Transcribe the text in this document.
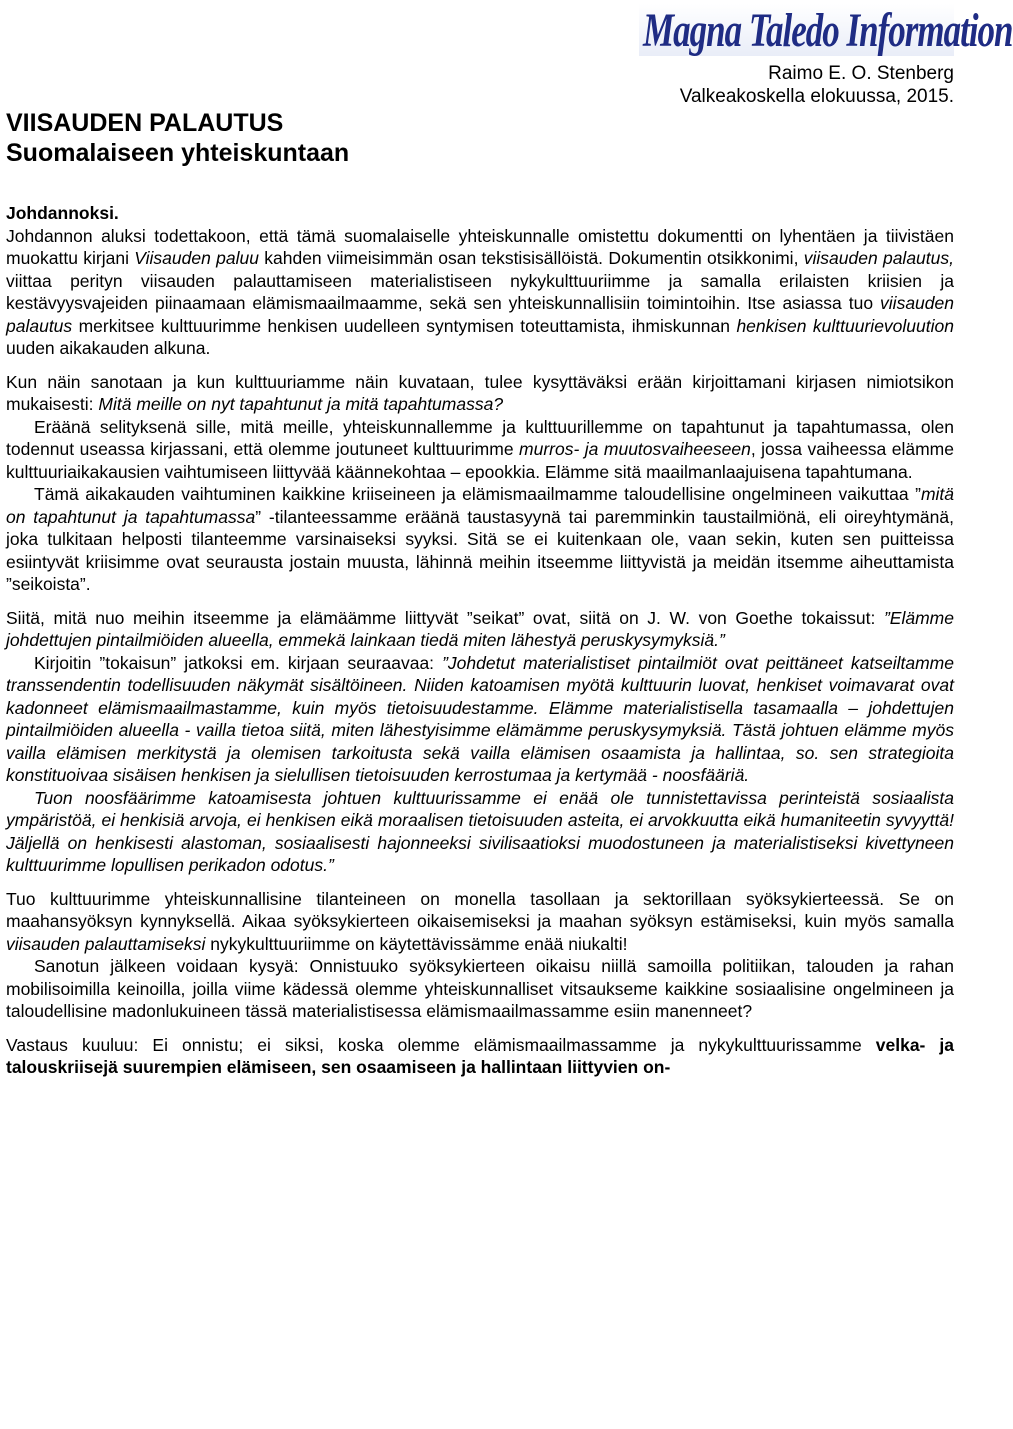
Magna Taledo Information
Raimo E. O. Stenberg
Valkeakoskella elokuussa, 2015.
VIISAUDEN PALAUTUS
Suomalaiseen yhteiskuntaan

Johdannoksi.

Johdannon aluksi todettakoon, että tämä suomalaiselle yhteiskunnalle omistettu dokumentti on lyhentäen ja tiivistäen muokattu kirjani Viisauden paluu kahden viimeisimmän osan tekstisisällöistä. Dokumentin otsikkonimi, viisauden palautus, viittaa perityn viisauden palauttamiseen materialistiseen nykykulttuuriimme ja samalla erilaisten kriisien ja kestävyysvajeiden piinaamaan elämismaailmaamme, sekä sen yhteiskunnallisiin toimintoihin. Itse asiassa tuo viisauden palautus merkitsee kulttuurimme henkisen uudelleen syntymisen toteuttamista, ihmiskunnan henkisen kulttuurievoluution uuden aikakauden alkuna.

Kun näin sanotaan ja kun kulttuuriamme näin kuvataan, tulee kysyttäväksi erään kirjoittamani kirjasen nimiotsikon mukaisesti: Mitä meille on nyt tapahtunut ja mitä tapahtumassa?

Eräänä selityksenä sille, mitä meille, yhteiskunnallemme ja kulttuurillemme on tapahtunut ja tapahtumassa, olen todennut useassa kirjassani, että olemme joutuneet kulttuurimme murros- ja muutosvaiheeseen, jossa vaiheessa elämme kulttuuriaikakausien vaihtumiseen liittyvää käännekohtaa – epookkia. Elämme sitä maailmanlaajuisena tapahtumana.

Tämä aikakauden vaihtuminen kaikkine kriiseineen ja elämismaailmamme taloudellisine ongelmineen vaikuttaa ”mitä on tapahtunut ja tapahtumassa” -tilanteessamme eräänä taustasyynä tai paremminkin taustailmiönä, eli oireyhtymänä, joka tulkitaan helposti tilanteemme varsinaiseksi syyksi. Sitä se ei kuitenkaan ole, vaan sekin, kuten sen puitteissa esiintyvät kriisimme ovat seurausta jostain muusta, lähinnä meihin itseemme liittyvistä ja meidän itsemme aiheuttamista ”seikoista”.

Siitä, mitä nuo meihin itseemme ja elämäämme liittyvät ”seikat” ovat, siitä on J. W. von Goethe tokaissut: ”Elämme johdettujen pintailmiöiden alueella, emmekä lainkaan tiedä miten lähestyä peruskysymyksiä.”

Kirjoitin ”tokaisun” jatkoksi em. kirjaan seuraavaa: ”Johdetut materialistiset pintailmiöt ovat peittäneet katseiltamme transsendentin todellisuuden näkymät sisältöineen. Niiden katoamisen myötä kulttuurin luovat, henkiset voimavarat ovat kadonneet elämismaailmastamme, kuin myös tietoisuudestamme. Elämme materialistisella tasamaalla – johdettujen pintailmiöiden alueella - vailla tietoa siitä, miten lähestyisimme elämämme peruskysymyksiä. Tästä johtuen elämme myös vailla elämisen merkitystä ja olemisen tarkoitusta sekä vailla elämisen osaamista ja hallintaa, so. sen strategioita konstituoivaa sisäisen henkisen ja sielullisen tietoisuuden kerrostumaa ja kertymää - noosfääriä.

Tuon noosfäärimme katoamisesta johtuen kulttuurissamme ei enää ole tunnistettavissa perinteistä sosiaalista ympäristöä, ei henkisiä arvoja, ei henkisen eikä moraalisen tietoisuuden asteita, ei arvokkuutta eikä humaniteetin syvyyttä! Jäljellä on henkisesti alastoman, sosiaalisesti hajonneeksi sivilisaatioksi muodostuneen ja materialistiseksi kivettyneen kulttuurimme lopullisen perikadon odotus.”

Tuo kulttuurimme yhteiskunnallisine tilanteineen on monella tasollaan ja sektorillaan syöksykierteessä. Se on maahansyöksyn kynnyksellä. Aikaa syöksykierteen oikaisemiseksi ja maahan syöksyn estämiseksi, kuin myös samalla viisauden palauttamiseksi nykykulttuuriimme on käytettävissämme enää niukalti!

Sanotun jälkeen voidaan kysyä: Onnistuuko syöksykierteen oikaisu niillä samoilla politiikan, talouden ja rahan mobilisoimilla keinoilla, joilla viime kädessä olemme yhteiskunnalliset vitsaukseme kaikkine sosiaalisine ongelmineen ja taloudellisine madonlukuineen tässä materialistisessa elämismaailmassamme esiin manenneet?

Vastaus kuuluu: Ei onnistu; ei siksi, koska olemme elämismaailmassamme ja nykykulttuurissamme velka- ja talouskriisejä suurempien elämiseen, sen osaamiseen ja hallintaan liittyvien on-
